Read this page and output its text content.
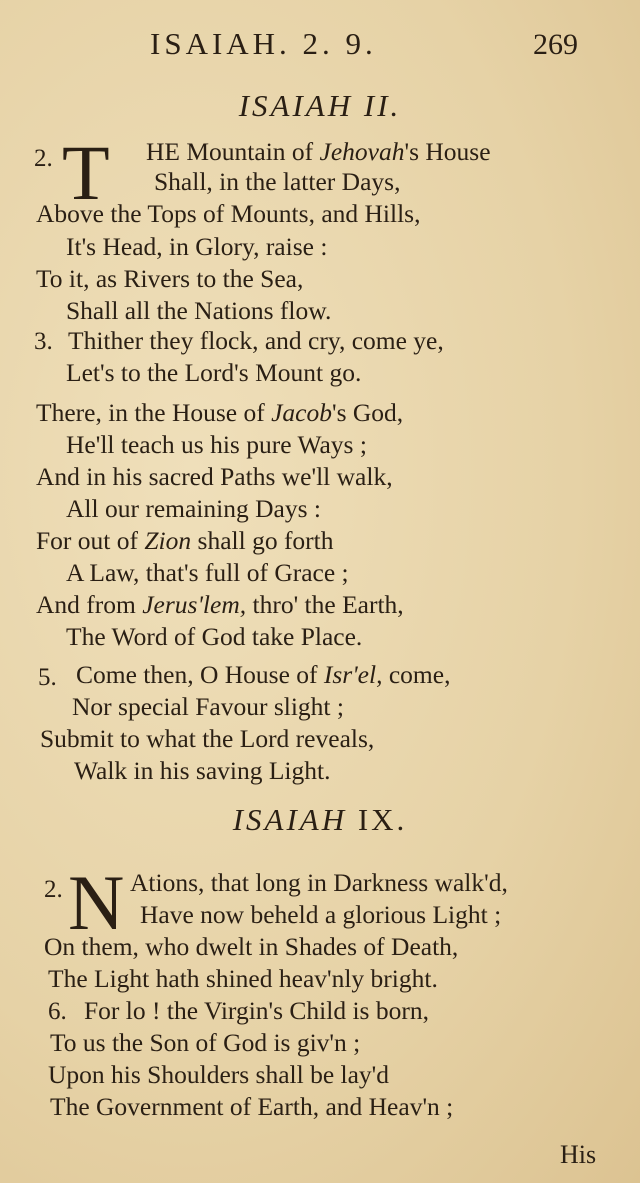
ISAIAH. 2. 9.	269
ISAIAH II.
2. T HE Mountain of Jehovah's House
Shall, in the latter Days,
Above the Tops of Mounts, and Hills,
It's Head, in Glory, raise :
To it, as Rivers to the Sea,
Shall all the Nations flow.
3. Thither they flock, and cry, come ye,
Let's to the Lord's Mount go.
There, in the House of Jacob's God,
He'll teach us his pure Ways ;
And in his sacred Paths we'll walk,
All our remaining Days :
For out of Zion shall go forth
A Law, that's full of Grace ;
And from Jerus'lem, thro' the Earth,
The Word of God take Place.
5. Come then, O House of Isr'el, come,
Nor special Favour slight ;
Submit to what the Lord reveals,
Walk in his saving Light.
ISAIAH IX.
2. N Ations, that long in Darkness walk'd,
Have now beheld a glorious Light ;
On them, who dwelt in Shades of Death,
The Light hath shined heav'nly bright.
6. For lo ! the Virgin's Child is born,
To us the Son of God is giv'n ;
Upon his Shoulders shall be lay'd
The Government of Earth, and Heav'n ;
His
